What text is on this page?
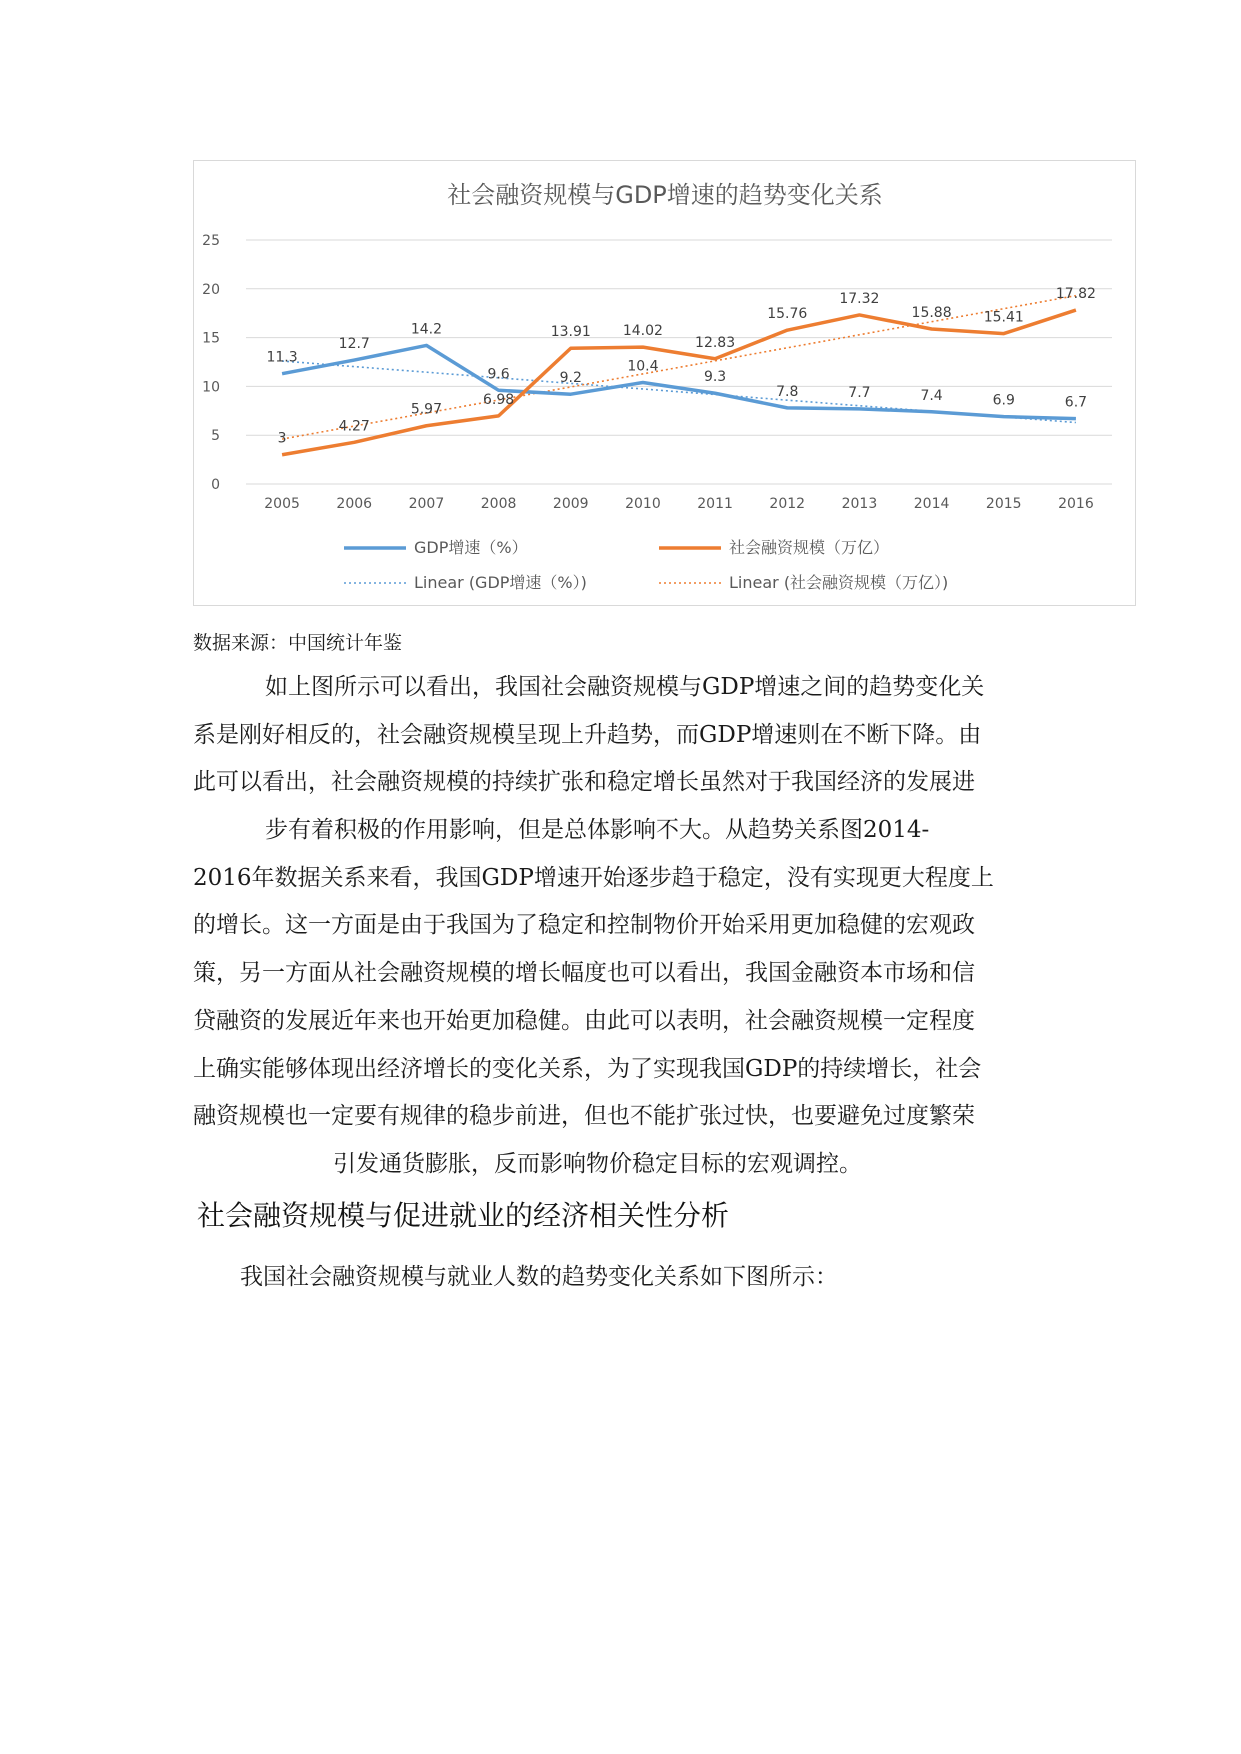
社会融资规模与GDP增速的趋势变化关系
0
5
10
15
20
25
2005	2006	2007	2008	2009	2010	2011	2012	2013	2014	2015	2016
11.3
12.7
14.2
9.6	9.2
10.4
9.3
7.8	7.7	7.4	6.9	6.7
3
4.27
5.97
6.98
13.91 14.02
12.83
15.76
17.32
15.88 15.41
17.82
GDP增速（%）	社会融资规模（万亿）
Linear (GDP增速（%）)	Linear (社会融资规模（万亿）)
数据来源：中国统计年鉴
如上图所示可以看出，我国社会融资规模与GDP增速之间的趋势变化关
系是刚好相反的，社会融资规模呈现上升趋势，而GDP增速则在不断下降。由
此可以看出，社会融资规模的持续扩张和稳定增长虽然对于我国经济的发展进
步有着积极的作用影响，但是总体影响不大。从趋势关系图2014-
2016年数据关系来看，我国GDP增速开始逐步趋于稳定，没有实现更大程度上
的增长。这一方面是由于我国为了稳定和控制物价开始采用更加稳健的宏观政
策，另一方面从社会融资规模的增长幅度也可以看出，我国金融资本市场和信
贷融资的发展近年来也开始更加稳健。由此可以表明，社会融资规模一定程度
上确实能够体现出经济增长的变化关系，为了实现我国GDP的持续增长，社会
融资规模也一定要有规律的稳步前进，但也不能扩张过快，也要避免过度繁荣
引发通货膨胀，反而影响物价稳定目标的宏观调控。
社会融资规模与促进就业的经济相关性分析
我国社会融资规模与就业人数的趋势变化关系如下图所示：
